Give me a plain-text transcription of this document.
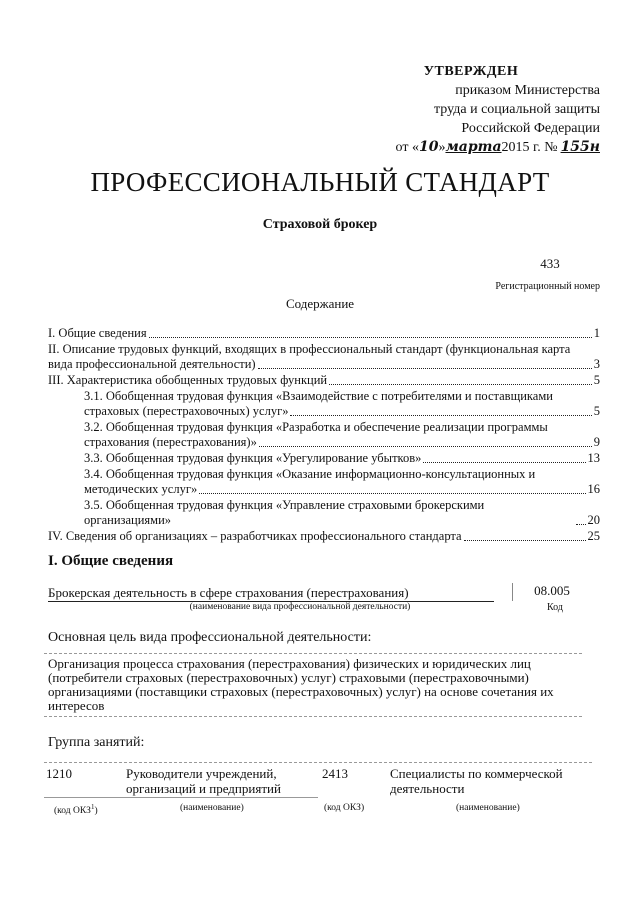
УТВЕРЖДЕН
приказом Министерства
труда и социальной защиты
Российской Федерации
от «10»марта2015 г. № 155н
ПРОФЕССИОНАЛЬНЫЙ СТАНДАРТ
Страховой брокер
433
Регистрационный номер
Содержание
I. Общие сведения	1
II. Описание трудовых функций, входящих в профессиональный стандарт (функциональная карта
вида профессиональной деятельности)	3
III. Характеристика обобщенных трудовых функций	5
3.1. Обобщенная трудовая функция «Взаимодействие с потребителями и поставщиками
страховых (перестраховочных) услуг»	5
3.2. Обобщенная трудовая функция «Разработка и обеспечение реализации программы
страхования (перестрахования)»	9
3.3. Обобщенная трудовая функция «Урегулирование убытков»	13
3.4. Обобщенная трудовая функция «Оказание информационно-консультационных и
методических услуг»	16
3.5. Обобщенная трудовая функция «Управление страховыми брокерскими организациями»	20
IV. Сведения об организациях – разработчиках профессионального стандарта	25
I. Общие сведения
Брокерская деятельность в сфере страхования (перестрахования)
(наименование вида профессиональной деятельности)
08.005
Код
Основная цель вида профессиональной деятельности:
Организация процесса страхования (перестрахования) физических и юридических лиц (потребители страховых (перестраховочных) услуг) страховыми (перестраховочными) организациями (поставщики страховых (перестраховочных) услуг) на основе сочетания их интересов
Группа занятий:
1210	Руководители учреждений, организаций и предприятий
2413	Специалисты по коммерческой деятельности
(код ОКЗ$^1$)	(наименование)	(код ОКЗ)	(наименование)
